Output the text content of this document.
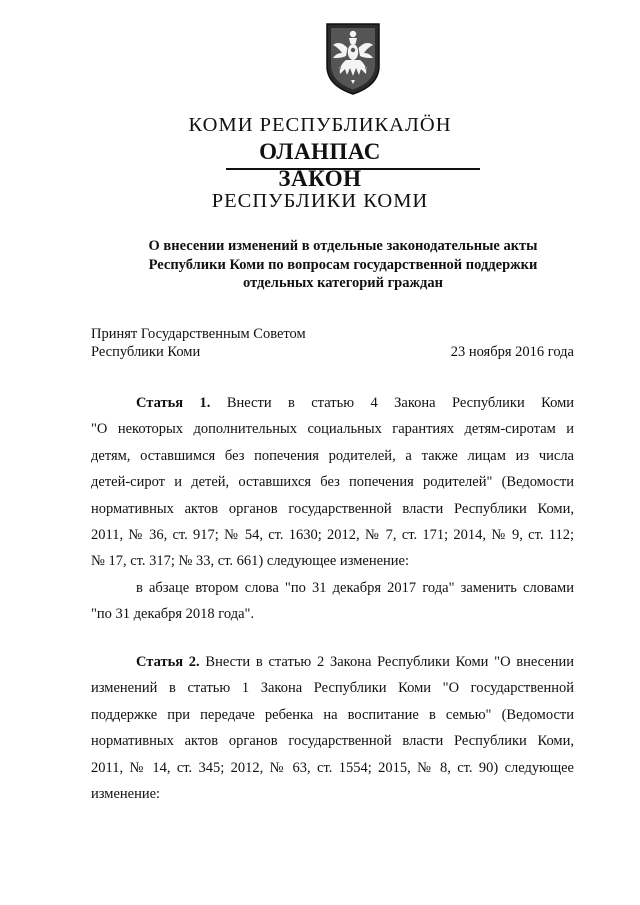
КОМИ РЕСПУБЛИКАЛÖН
ОЛАНПАС
ЗАКОН
РЕСПУБЛИКИ КОМИ
О внесении изменений в отдельные законодательные акты
Республики Коми по вопросам государственной поддержки
отдельных категорий граждан
Принят Государственным Советом
Республики Коми	23 ноября 2016 года
Статья 1. Внести в статью 4 Закона Республики Коми
"О некоторых дополнительных социальных гарантиях детям-сиротам и
детям, оставшимся без попечения родителей, а также лицам из числа
детей-сирот и детей, оставшихся без попечения родителей" (Ведомости
нормативных актов органов государственной власти Республики Коми,
2011, № 36, ст. 917; № 54, ст. 1630; 2012, № 7, ст. 171; 2014, № 9, ст. 112;
№ 17, ст. 317; № 33, ст. 661) следующее изменение:
в абзаце втором слова "по 31 декабря 2017 года" заменить словами
"по 31 декабря 2018 года".
Статья 2. Внести в статью 2 Закона Республики Коми "О внесении
изменений в статью 1 Закона Республики Коми "О государственной
поддержке при передаче ребенка на воспитание в семью" (Ведомости
нормативных актов органов государственной власти Республики Коми,
2011, № 14, ст. 345; 2012, № 63, ст. 1554; 2015, № 8, ст. 90) следующее
изменение:
